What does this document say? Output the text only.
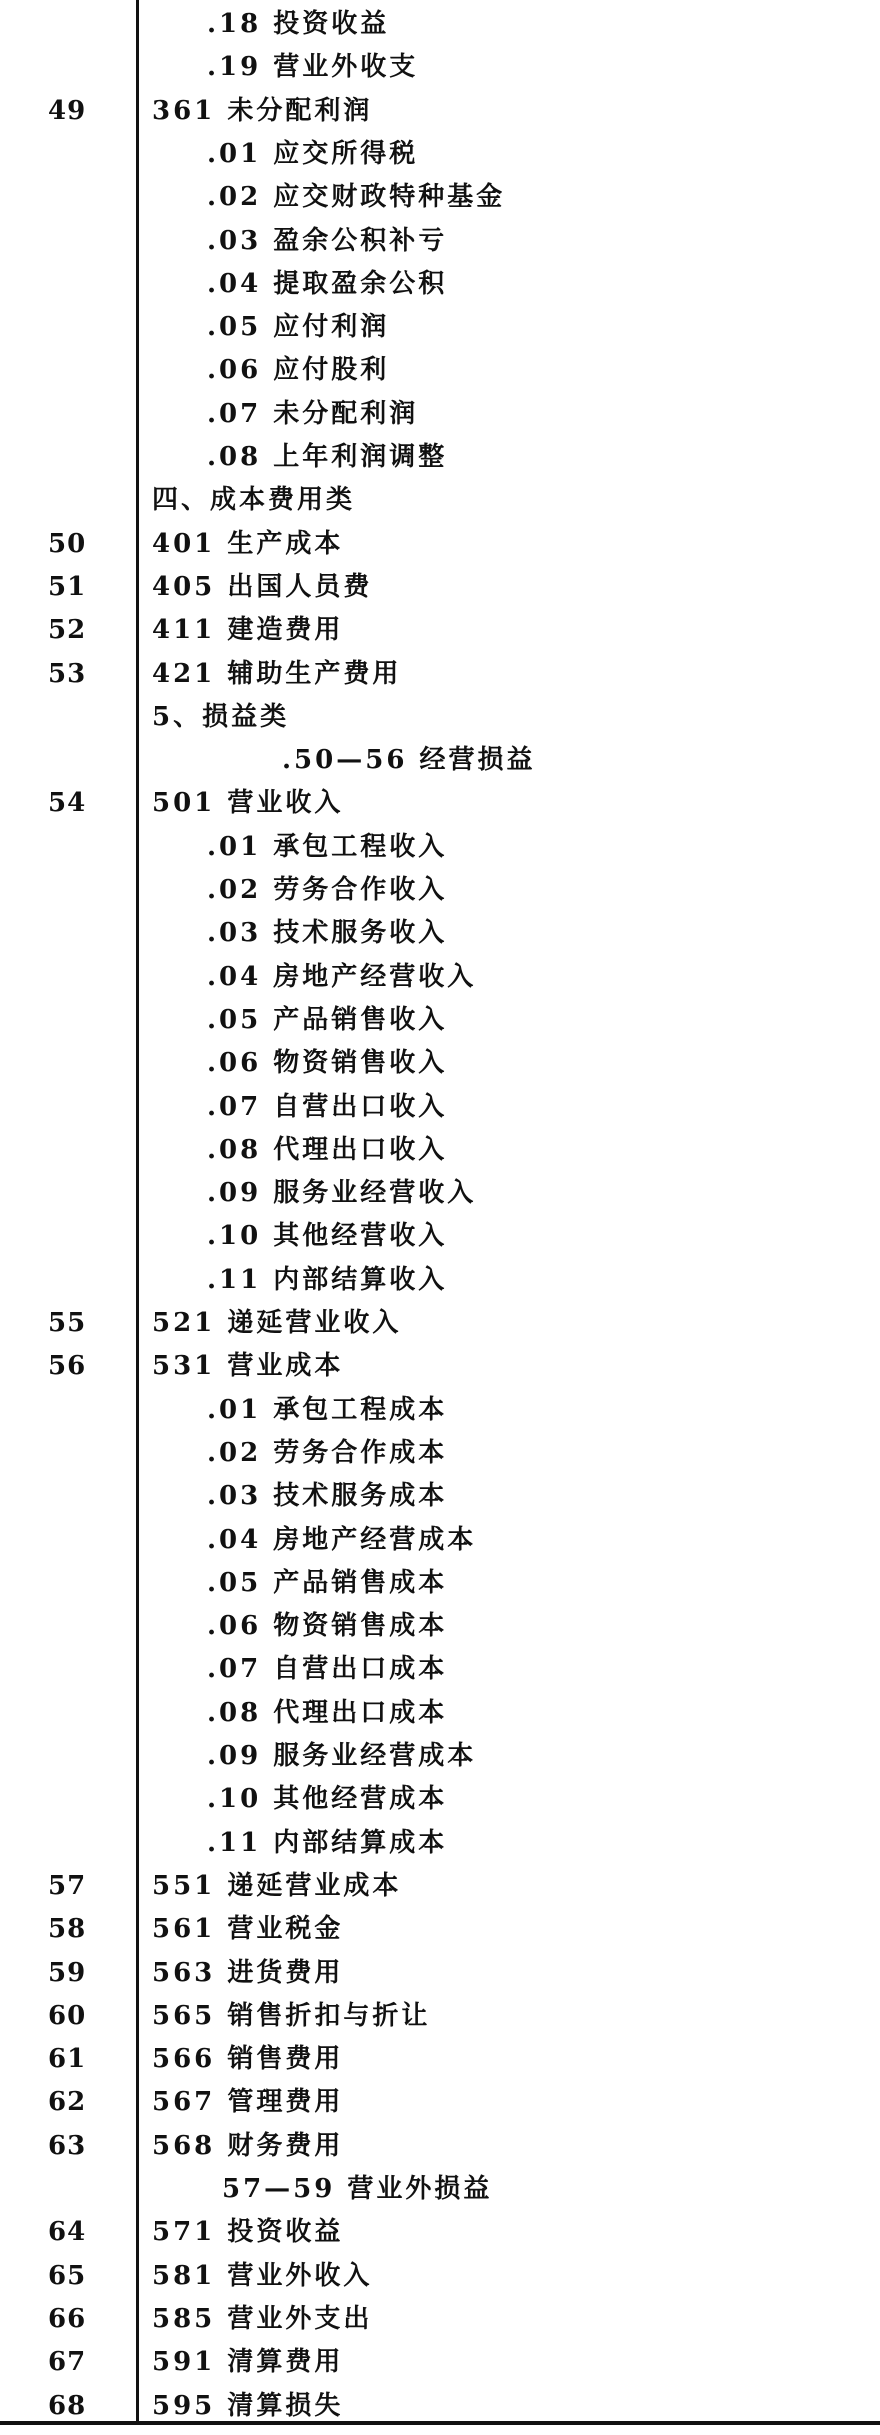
.18 投资收益
.19 营业外收支
49	361 未分配利润
.01 应交所得税
.02 应交财政特种基金
.03 盈余公积补亏
.04 提取盈余公积
.05 应付利润
.06 应付股利
.07 未分配利润
.08 上年利润调整
四、成本费用类
50	401 生产成本
51	405 出国人员费
52	411 建造费用
53	421 辅助生产费用
5、损益类
.50—56 经营损益
54	501 营业收入
.01 承包工程收入
.02 劳务合作收入
.03 技术服务收入
.04 房地产经营收入
.05 产品销售收入
.06 物资销售收入
.07 自营出口收入
.08 代理出口收入
.09 服务业经营收入
.10 其他经营收入
.11 内部结算收入
55	521 递延营业收入
56	531 营业成本
.01 承包工程成本
.02 劳务合作成本
.03 技术服务成本
.04 房地产经营成本
.05 产品销售成本
.06 物资销售成本
.07 自营出口成本
.08 代理出口成本
.09 服务业经营成本
.10 其他经营成本
.11 内部结算成本
57	551 递延营业成本
58	561 营业税金
59	563 进货费用
60	565 销售折扣与折让
61	566 销售费用
62	567 管理费用
63	568 财务费用
57—59 营业外损益
64	571 投资收益
65	581 营业外收入
66	585 营业外支出
67	591 清算费用
68	595 清算损失
